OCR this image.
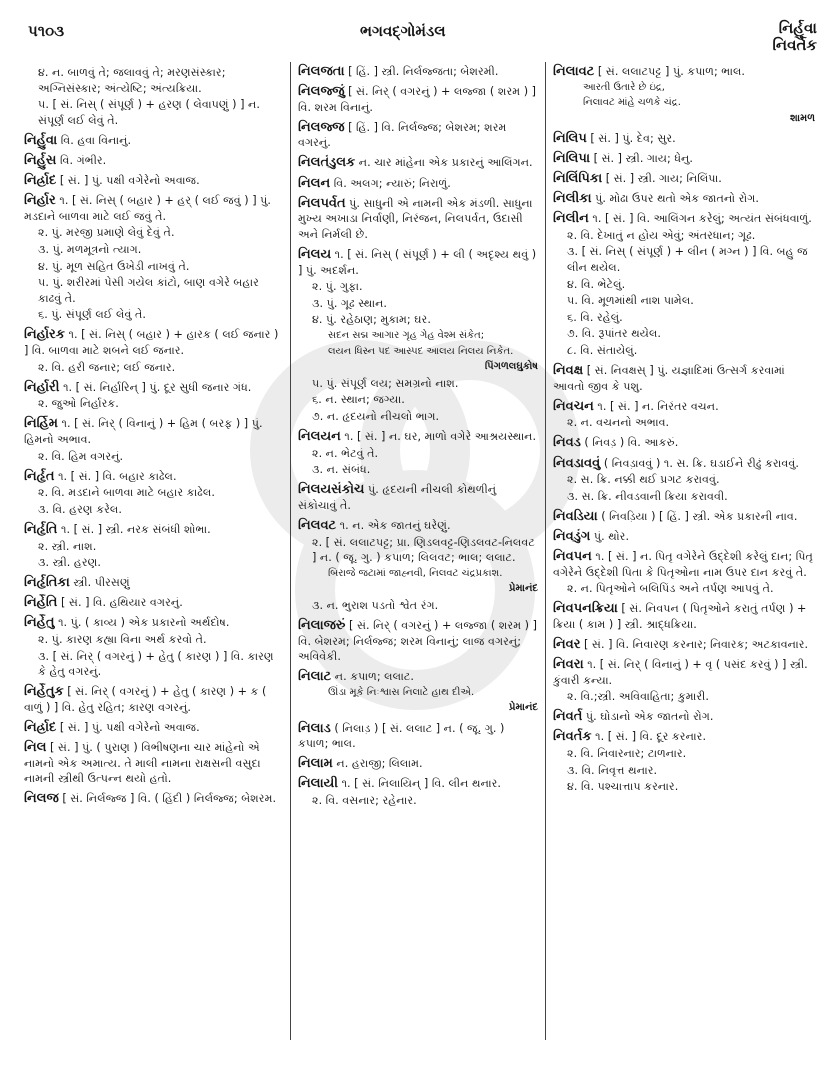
પ૧૦૩	ભગવદ્ગોમંડલ	નિર્હુવા
નિવર્તક
૪. ન. બાળવું તે; જલાવવું તે; મરણસંસ્કાર; અગ્નિસંસ્કાર; અંત્યેષ્ટિ; અંત્યક્રિયા.
૫. [ સં. નિસ્ ( સંપૂર્ણ ) + હરણ ( લેવાપણું ) ] ન. સંપૂર્ણ લઈ લેવું તે.
નિર્હુવા વિ. હવા વિનાનું.
નિર્હુસ વિ. ગંભીર.
નિર્હ્રાદ [ સં. ] પું. પક્ષી વગેરેનો અવાજ.
નિર્હાર ૧. [ સં. નિસ્ ( બહાર ) + હર્ ( લઈ જવું ) ] પું. મડદાને બાળવા માટે લઈ જવું તે.
૨. પું. મરજી પ્રમાણે લેવું દેવું તે.
૩. પું. મળમૂત્રનો ત્યાગ.
૪. પું. મૂળ સહિત ઉખેડી નાખવું તે.
૫. પું. શરીરમાં પેસી ગયેલ કાંટો, બાણ વગેરે બહાર કાઢવું તે.
૬. પું. સંપૂર્ણ લઈ લેવું તે.
નિર્હારક ૧. [ સં. નિસ્ ( બહાર ) + હારક ( લઈ જનાર ) ] વિ. બાળવા માટે શબને લઈ જનાર.
૨. વિ. હરી જનાર; લઈ જનાર.
નિર્હારી ૧. [ સં. નિર્હારિન્ ] પું. દૂર સુધી જનાર ગંધ.
૨. જુઓ નિર્હારક.
નિર્હિમ ૧. [ સં. નિર્ ( વિનાનું ) + હિમ ( બરફ ) ] પું. હિમનો અભાવ.
૨. વિ. હિમ વગરનું.
નિર્હૃત ૧. [ સં. ] વિ. બહાર કાઢેલ.
૨. વિ. મડદાને બાળવા માટે બહાર કાઢેલ.
૩. વિ. હરણ કરેલ.
નિર્હૃતિ ૧. [ સં. ] સ્ત્રી. નરક સંબંધી શોભા.
૨. સ્ત્રી. નાશ.
૩. સ્ત્રી. હરણ.
નિર્હૃતિકા સ્ત્રી. પીરસણું
નિર્હેતિ [ સં. ] વિ. હથિયાર વગરનું.
નિર્હેતુ ૧. પું. ( કાવ્ય ) એક પ્રકારનો અર્થદોષ.
૨. પું. કારણ કહ્યા વિના અર્થ કરવો તે.
૩. [ સં. નિર્ ( વગરનું ) + હેતુ ( કારણ ) ] વિ. કારણ કે હેતુ વગરનું.
નિર્હેતુક [ સં. નિર્ ( વગરનું ) + હેતુ ( કારણ ) + ક ( વાળું ) ] વિ. હેતુ રહિત; કારણ વગરનું.
નિર્હ્રાદ [ સં. ] પું. પક્ષી વગેરેનો અવાજ.
નિલ [ સં. ] પું. ( પુરાણ ) વિભીષણના ચાર માંહેનો એ નામનો એક અમાત્ય. તે માલી નામના રાક્ષસની વસુદા નામની સ્ત્રીથી ઉત્પન્ન થયો હતો.
નિલજ [ સં. નિર્લજ્જ ] વિ. ( હિંદી ) નિર્લજ્જ; બેશરમ.
નિલજતા [ હિં. ] સ્ત્રી. નિર્લજ્જતા; બેશરમી.
નિલજ્જું [ સં. નિર્ ( વગરનું ) + લજ્જા ( શરમ ) ] વિ. શરમ વિનાનું.
નિલજ્જ [ હિં. ] વિ. નિર્લજ્જ; બેશરમ; શરમ વગરનું.
નિલતંડુલક ન. ચાર માંહેના એક પ્રકારનું આલિંગન.
નિલન વિ. અલગ; ન્યારું; નિરાળું.
નિલપર્વત પું. સાધુની એ નામની એક મંડળી. સાધુના મુખ્ય અખાડા નિર્વાણી, નિરંજન, નિલપર્વત, ઉદાસી અને નિર્મલી છે.
નિલય ૧. [ સં. નિસ્ ( સંપૂર્ણ ) + લી ( અદૃશ્ય થવું ) ] પું. અદર્શન.
૨. પું. ગુફા.
૩. પું. ગૂઢ સ્થાન.
૪. પું. રહેઠાણ; મુકામ; ઘર.
સદન સદ્મ આગાર ગૃહ ગેહ વેશ્મ સંકેત;
લયન ધિસ્ન પદ આસ્પદ આલય નિલય નિકેત.
પિંગળલઘુકોષ
૫. પું. સંપૂર્ણ લય; સમગ્રનો નાશ.
૬. ન. સ્થાન; જગ્યા.
૭. ન. હૃદયનો નીચલો ભાગ.
નિલયન ૧. [ સં. ] ન. ઘર, માળો વગેરે આશ્રયસ્થાન.
૨. ન. ભેટવું તે.
૩. ન. સંબંધ.
નિલયસંકોચ પું. હૃદયની નીચલી કોથળીનું સંકોચાવું તે.
નિલવટ ૧. ન. એક જાતનું ઘરેણું.
૨. [ સં. લલાટપટ્ટ; પ્રા. ણિડલવટ્ટ-ણિડલવટ-નિલવટ ] ન. ( જૂ. ગુ. ) કપાળ; લિલવટ; ભાલ; લલાટ.
બિરાજે જટામાં જાહ્નવી, નિલવટ ચંદ્રપ્રકાશ.
પ્રેમાનંદ
૩. ન. ભુરાશ પડતો શ્વેત રંગ.
નિલાજરું [ સં. નિર્ ( વગરનું ) + લજ્જા ( શરમ ) ] વિ. બેશરમ; નિર્લજ્જ; શરમ વિનાનું; લાજ વગરનું; અવિવેકી.
નિલાટ ન. કપાળ; લલાટ.
ઊંડા મૂકે નિઃશ્વાસ નિલાટે હાથ દીએ.
પ્રેમાનંદ
નિલાડ ( નિલાડ઼ ) [ સં. લલાટ ] ન. ( જૂ. ગુ. ) કપાળ; ભાલ.
નિલામ ન. હરાજી; લિલામ.
નિલાયી ૧. [ સં. નિલાયિન્ ] વિ. લીન થનાર.
૨. વિ. વસનાર; રહેનાર.
નિલાવટ [ સં. લલાટપટ્ટ ] પું. કપાળ; ભાલ.
આરતી ઉતારે છે ઇંદ્ર,
નિલાવટ માંહે ચળકે ચંદ્ર.
શામળ
નિલિપ [ સં. ] પું. દેવ; સુર.
નિલિપા [ સં. ] સ્ત્રી. ગાય; ધેનુ.
નિલિંપિકા [ સં. ] સ્ત્રી. ગાય; નિલિંપા.
નિલીકા પું. મોઢા ઉપર થતો એક જાતનો રોગ.
નિલીન ૧. [ સં. ] વિ. આલિંગન કરેલું; અત્યંત સંબંધવાળું.
૨. વિ. દેખાતું ન હોય એવું; અંતરધાન; ગૂઢ.
૩. [ સં. નિસ્ ( સંપૂર્ણ ) + લીન ( મગ્ન ) ] વિ. બહુ જ લીન થયેલ.
૪. વિ. ભેટેલું.
૫. વિ. મૂળમાંથી નાશ પામેલ.
૬. વિ. રહેલું.
૭. વિ. રૂપાંતર થયેલ.
૮. વિ. સંતાયેલું.
નિવક્ષ [ સં. નિવક્ષસ્ ] પું. યજ્ઞાદિમાં ઉત્સર્ગ કરવામાં આવતો જીવ કે પશુ.
નિવચન ૧. [ સં. ] ન. નિરંતર વચન.
૨. ન. વચનનો અભાવ.
નિવડ ( નિવડ઼ ) વિ. આકરું.
નિવડાવવું ( નિવડ઼ાવવું ) ૧. સ. ક્રિ. ઘડાઈને રીઢું કરાવવું.
૨. સ. ક્રિ. નક્કી થઈ પ્રગટ કરાવવું.
૩. સ. ક્રિ. નીવડવાની ક્રિયા કરાવવી.
નિવડિયા ( નિવડ઼િયા ) [ હિં. ] સ્ત્રી. એક પ્રકારની નાવ.
નિવડુંગ પું. થોર.
નિવપન ૧. [ સં. ] ન. પિતૃ વગેરેને ઉદ્દેશી કરેલું દાન; પિતૃ વગેરેને ઉદ્દેશી પિતા કે પિતૃઓના નામ ઉપર દાન કરવું તે.
૨. ન. પિતૃઓને બલિપિંડ અને તર્પણ આપવું તે.
નિવપનક્રિયા [ સં. નિવપન ( પિતૃઓને કરાતું તર્પણ ) + ક્રિયા ( કામ ) ] સ્ત્રી. શ્રાદ્ધક્રિયા.
નિવર [ સં. ] વિ. નિવારણ કરનાર; નિવારક; અટકાવનાર.
નિવરા ૧. [ સં. નિર્ ( વિનાનું ) + વૃ ( પસંદ કરવું ) ] સ્ત્રી. કુંવારી કન્યા.
૨. વિ.;સ્ત્રી. અવિવાહિતા; કુમારી.
નિવર્ત પું. ઘોડાનો એક જાતનો રોગ.
નિવર્તક ૧. [ સં. ] વિ. દૂર કરનાર.
૨. વિ. નિવારનાર; ટાળનાર.
૩. વિ. નિવૃત્ત થનાર.
૪. વિ. પશ્ચાત્તાપ કરનાર.
